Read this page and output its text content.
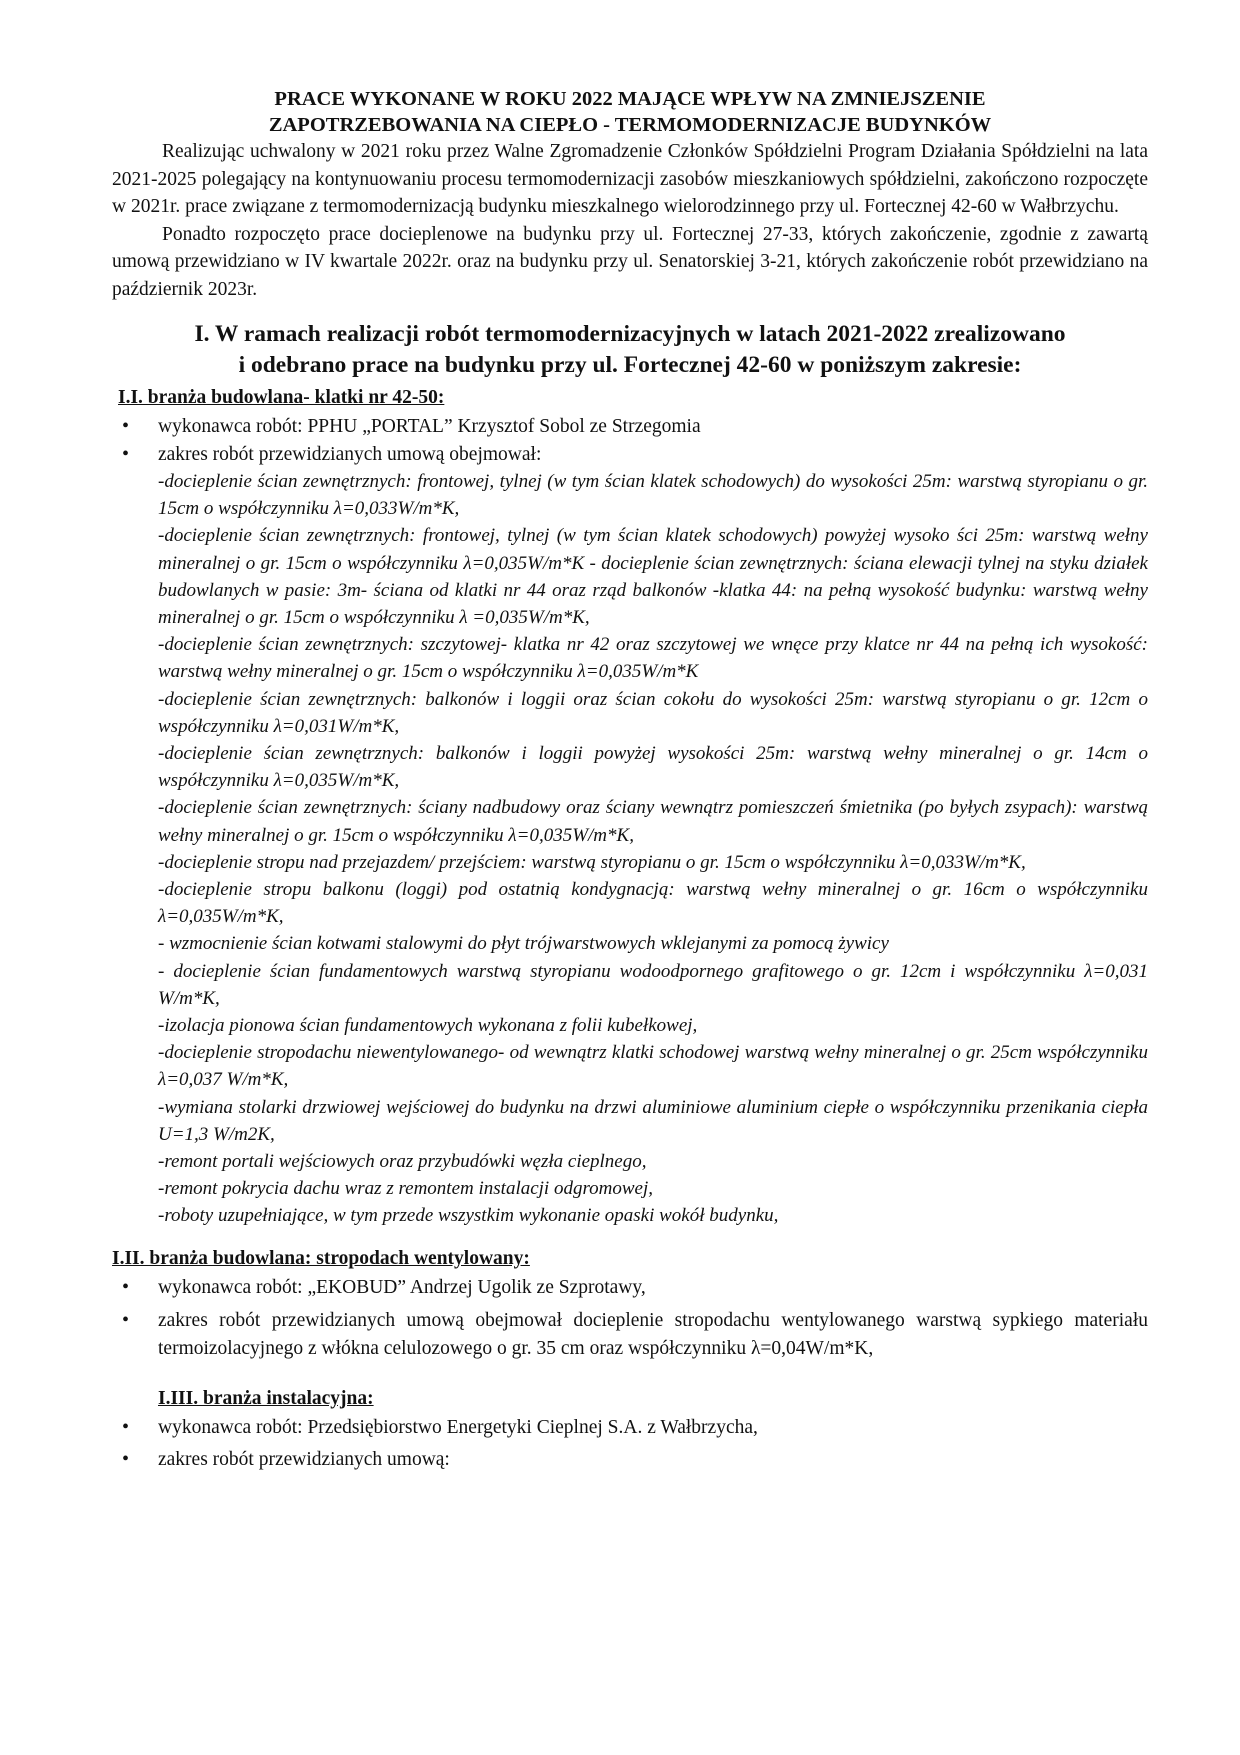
PRACE WYKONANE W ROKU 2022 MAJĄCE WPŁYW NA ZMNIEJSZENIE

ZAPOTRZEBOWANIA NA CIEPŁO - TERMOMODERNIZACJE BUDYNKÓW

Realizując uchwalony w 2021 roku przez Walne Zgromadzenie Członków Spółdzielni Program Działania Spółdzielni na lata 2021-2025 polegający na kontynuowaniu procesu termomodernizacji zasobów mieszkaniowych spółdzielni, zakończono rozpoczęte w 2021r. prace związane z termomodernizacją budynku mieszkalnego wielorodzinnego przy ul. Fortecznej 42-60 w Wałbrzychu.

Ponadto rozpoczęto prace docieplenowe na budynku przy ul. Fortecznej 27-33, których zakończenie, zgodnie z zawartą umową przewidziano w IV kwartale 2022r. oraz na budynku przy ul. Senatorskiej 3-21, których zakończenie robót przewidziano na październik 2023r.

I. W ramach realizacji robót termomodernizacyjnych w latach 2021-2022 zrealizowano
i odebrano prace na budynku przy ul. Fortecznej 42-60 w poniższym zakresie:

I.I. branża budowlana- klatki nr 42-50:

• wykonawca robót: PPHU „PORTAL” Krzysztof Sobol ze Strzegomia
• zakres robót przewidzianych umową obejmował:
-docieplenie ścian zewnętrznych: frontowej, tylnej (w tym ścian klatek schodowych) do wysokości 25m: warstwą styropianu o gr. 15cm o współczynniku λ=0,033W/m*K,
-docieplenie ścian zewnętrznych: frontowej, tylnej (w tym ścian klatek schodowych) powyżej wysoko ści 25m: warstwą wełny mineralnej o gr. 15cm o współczynniku λ=0,035W/m*K - docieplenie ścian zewnętrznych: ściana elewacji tylnej na styku działek budowlanych w pasie: 3m- ściana od klatki nr 44 oraz rząd balkonów -klatka 44: na pełną wysokość budynku: warstwą wełny mineralnej o gr. 15cm o współczynniku λ =0,035W/m*K,
-docieplenie ścian zewnętrznych: szczytowej- klatka nr 42 oraz szczytowej we wnęce przy klatce nr 44 na pełną ich wysokość: warstwą wełny mineralnej o gr. 15cm o współczynniku λ=0,035W/m*K
-docieplenie ścian zewnętrznych: balkonów i loggii oraz ścian cokołu do wysokości 25m: warstwą styropianu o gr. 12cm o współczynniku λ=0,031W/m*K,
-docieplenie ścian zewnętrznych: balkonów i loggii powyżej wysokości 25m: warstwą wełny mineralnej o gr. 14cm o współczynniku λ=0,035W/m*K,
-docieplenie ścian zewnętrznych: ściany nadbudowy oraz ściany wewnątrz pomieszczeń śmietnika (po byłych zsypach): warstwą wełny mineralnej o gr. 15cm o współczynniku λ=0,035W/m*K,
-docieplenie stropu nad przejazdem/ przejściem: warstwą styropianu o gr. 15cm o współczynniku λ=0,033W/m*K,
-docieplenie stropu balkonu (loggi) pod ostatnią kondygnacją: warstwą wełny mineralnej o gr. 16cm o współczynniku λ=0,035W/m*K,
- wzmocnienie ścian kotwami stalowymi do płyt trójwarstwowych wklejanymi za pomocą żywicy
- docieplenie ścian fundamentowych warstwą styropianu wodoodpornego grafitowego o gr. 12cm i współczynniku λ=0,031 W/m*K,
-izolacja pionowa ścian fundamentowych wykonana z folii kubełkowej,
-docieplenie stropodachu niewentylowanego- od wewnątrz klatki schodowej warstwą wełny mineralnej o gr. 25cm współczynniku λ=0,037 W/m*K,
-wymiana stolarki drzwiowej wejściowej do budynku na drzwi aluminiowe aluminium ciepłe o współczynniku przenikania ciepła U=1,3 W/m2K,
-remont portali wejściowych oraz przybudówki węzła cieplnego,
-remont pokrycia dachu wraz z remontem instalacji odgromowej,
-roboty uzupełniające, w tym przede wszystkim wykonanie opaski wokół budynku,

I.II. branża budowlana: stropodach wentylowany:

• wykonawca robót: „EKOBUD” Andrzej Ugolik ze Szprotawy,
• zakres robót przewidzianych umową obejmował docieplenie stropodachu wentylowanego warstwą sypkiego materiału termoizolacyjnego z włókna celulozowego o gr. 35 cm oraz współczynniku λ=0,04W/m*K,

I.III. branża instalacyjna:

• wykonawca robót: Przedsiębiorstwo Energetyki Cieplnej S.A. z Wałbrzycha,
• zakres robót przewidzianych umową:
